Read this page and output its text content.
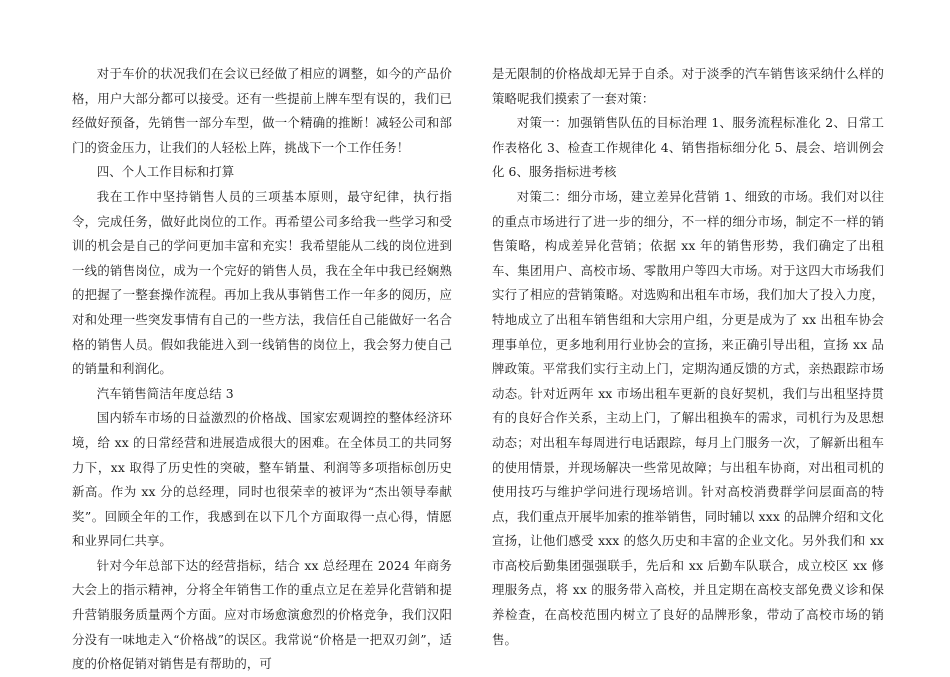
对于车价的状况我们在会议已经做了相应的调整，如今的产品价格，用户大部分都可以接受。还有一些提前上牌车型有误的，我们已经做好预备，先销售一部分车型，做一个精确的推断！减轻公司和部门的资金压力，让我们的人轻松上阵，挑战下一个工作任务！

四、个人工作目标和打算

我在工作中坚持销售人员的三项基本原则，最守纪律，执行指令，完成任务，做好此岗位的工作。再希望公司多给我一些学习和受训的机会是自己的学问更加丰富和充实！我希望能从二线的岗位进到一线的销售岗位，成为一个完好的销售人员，我在全年中我已经娴熟的把握了一整套操作流程。再加上我从事销售工作一年多的阅历，应对和处理一些突发事情有自己的一些方法，我信任自己能做好一名合格的销售人员。假如我能进入到一线销售的岗位上，我会努力使自己的销量和利润化。

汽车销售简洁年度总结 3

国内轿车市场的日益激烈的价格战、国家宏观调控的整体经济环境，给 xx 的日常经营和进展造成很大的困难。在全体员工的共同努力下，xx 取得了历史性的突破，整车销量、利润等多项指标创历史新高。作为 xx 分的总经理，同时也很荣幸的被评为“杰出领导奉献奖”。回顾全年的工作，我感到在以下几个方面取得一点心得，情愿和业界同仁共享。

针对今年总部下达的经营指标，结合 xx 总经理在 2024 年商务大会上的指示精神，分将全年销售工作的重点立足在差异化营销和提升营销服务质量两个方面。应对市场愈演愈烈的价格竞争，我们汉阳分没有一味地走入“价格战”的误区。我常说“价格是一把双刃剑”，适度的价格促销对销售是有帮助的，可

是无限制的价格战却无异于自杀。对于淡季的汽车销售该采纳什么样的策略呢我们摸索了一套对策：

对策一：加强销售队伍的目标治理 1、服务流程标准化 2、日常工作表格化 3、检查工作规律化 4、销售指标细分化 5、晨会、培训例会化 6、服务指标进考核

对策二：细分市场，建立差异化营销 1、细致的市场。我们对以往的重点市场进行了进一步的细分，不一样的细分市场，制定不一样的销售策略，构成差异化营销；依据 xx 年的销售形势，我们确定了出租车、集团用户、高校市场、零散用户等四大市场。对于这四大市场我们实行了相应的营销策略。对选购和出租车市场，我们加大了投入力度，特地成立了出租车销售组和大宗用户组，分更是成为了 xx 出租车协会理事单位，更多地利用行业协会的宣扬，来正确引导出租，宣扬 xx 品牌政策。平常我们实行主动上门，定期沟通反馈的方式，亲热跟踪市场动态。针对近两年 xx 市场出租车更新的良好契机，我们与出租坚持贯有的良好合作关系，主动上门，了解出租换车的需求，司机行为及思想动态；对出租车每周进行电话跟踪，每月上门服务一次，了解新出租车的使用情景，并现场解决一些常见故障；与出租车协商，对出租司机的使用技巧与维护学问进行现场培训。针对高校消费群学问层面高的特点，我们重点开展毕加索的推举销售，同时辅以 xxx 的品牌介绍和文化宣扬，让他们感受 xxx 的悠久历史和丰富的企业文化。另外我们和 xx 市高校后勤集团强强联手，先后和 xx 后勤车队联合，成立校区 xx 修理服务点，将 xx 的服务带入高校，并且定期在高校支部免费义诊和保养检查，在高校范围内树立了良好的品牌形象，带动了高校市场的销售。
